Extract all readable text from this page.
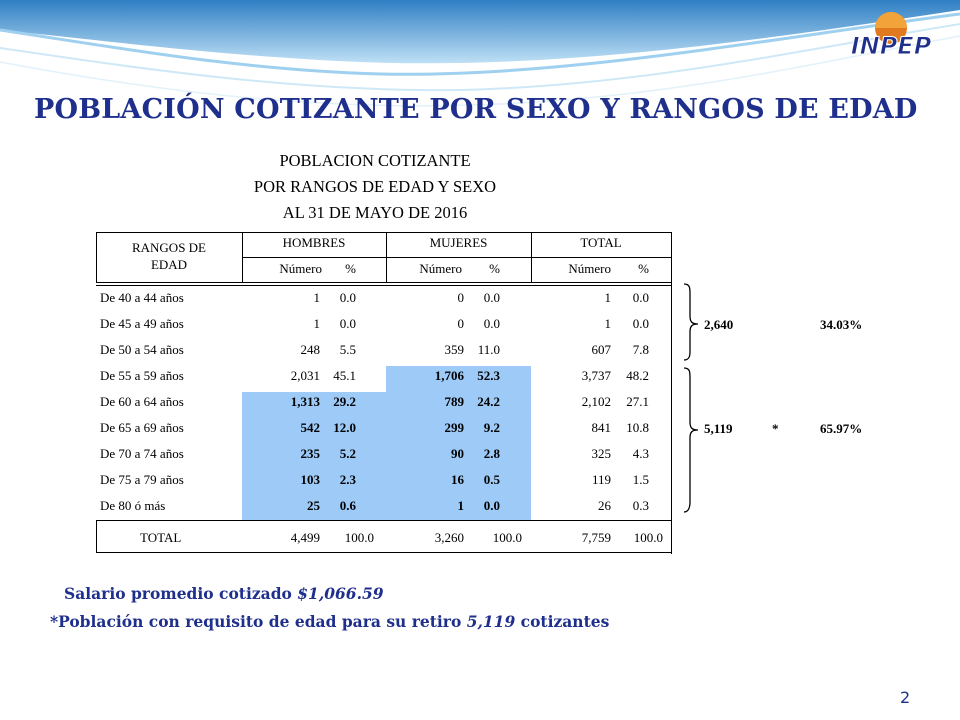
INPEP
POBLACIÓN COTIZANTE POR SEXO Y RANGOS DE EDAD
POBLACION COTIZANTE
POR RANGOS DE EDAD Y SEXO
AL 31 DE MAYO DE 2016
RANGOS DE
EDAD
HOMBRES	MUJERES	TOTAL
Número	%	Número	%	Número	%
De 40 a 44 años	1	0.0	0	0.0	1	0.0
De 45 a 49 años	1	0.0	0	0.0	1	0.0
De 50 a 54 años	248	5.5	359	11.0	607	7.8
De 55 a 59 años	2,031	45.1	1,706	52.3	3,737	48.2
De 60 a 64 años	1,313	29.2	789	24.2	2,102	27.1
De 65 a 69 años	542	12.0	299	9.2	841	10.8
De 70 a 74 años	235	5.2	90	2.8	325	4.3
De 75 a 79 años	103	2.3	16	0.5	119	1.5
De 80 ó más	25	0.6	1	0.0	26	0.3
TOTAL	4,499	100.0	3,260	100.0	7,759	100.0
2,640	34.03%
5,119	*	65.97%
Salario promedio cotizado $1,066.59
*Población con requisito de edad para su retiro 5,119 cotizantes
2
